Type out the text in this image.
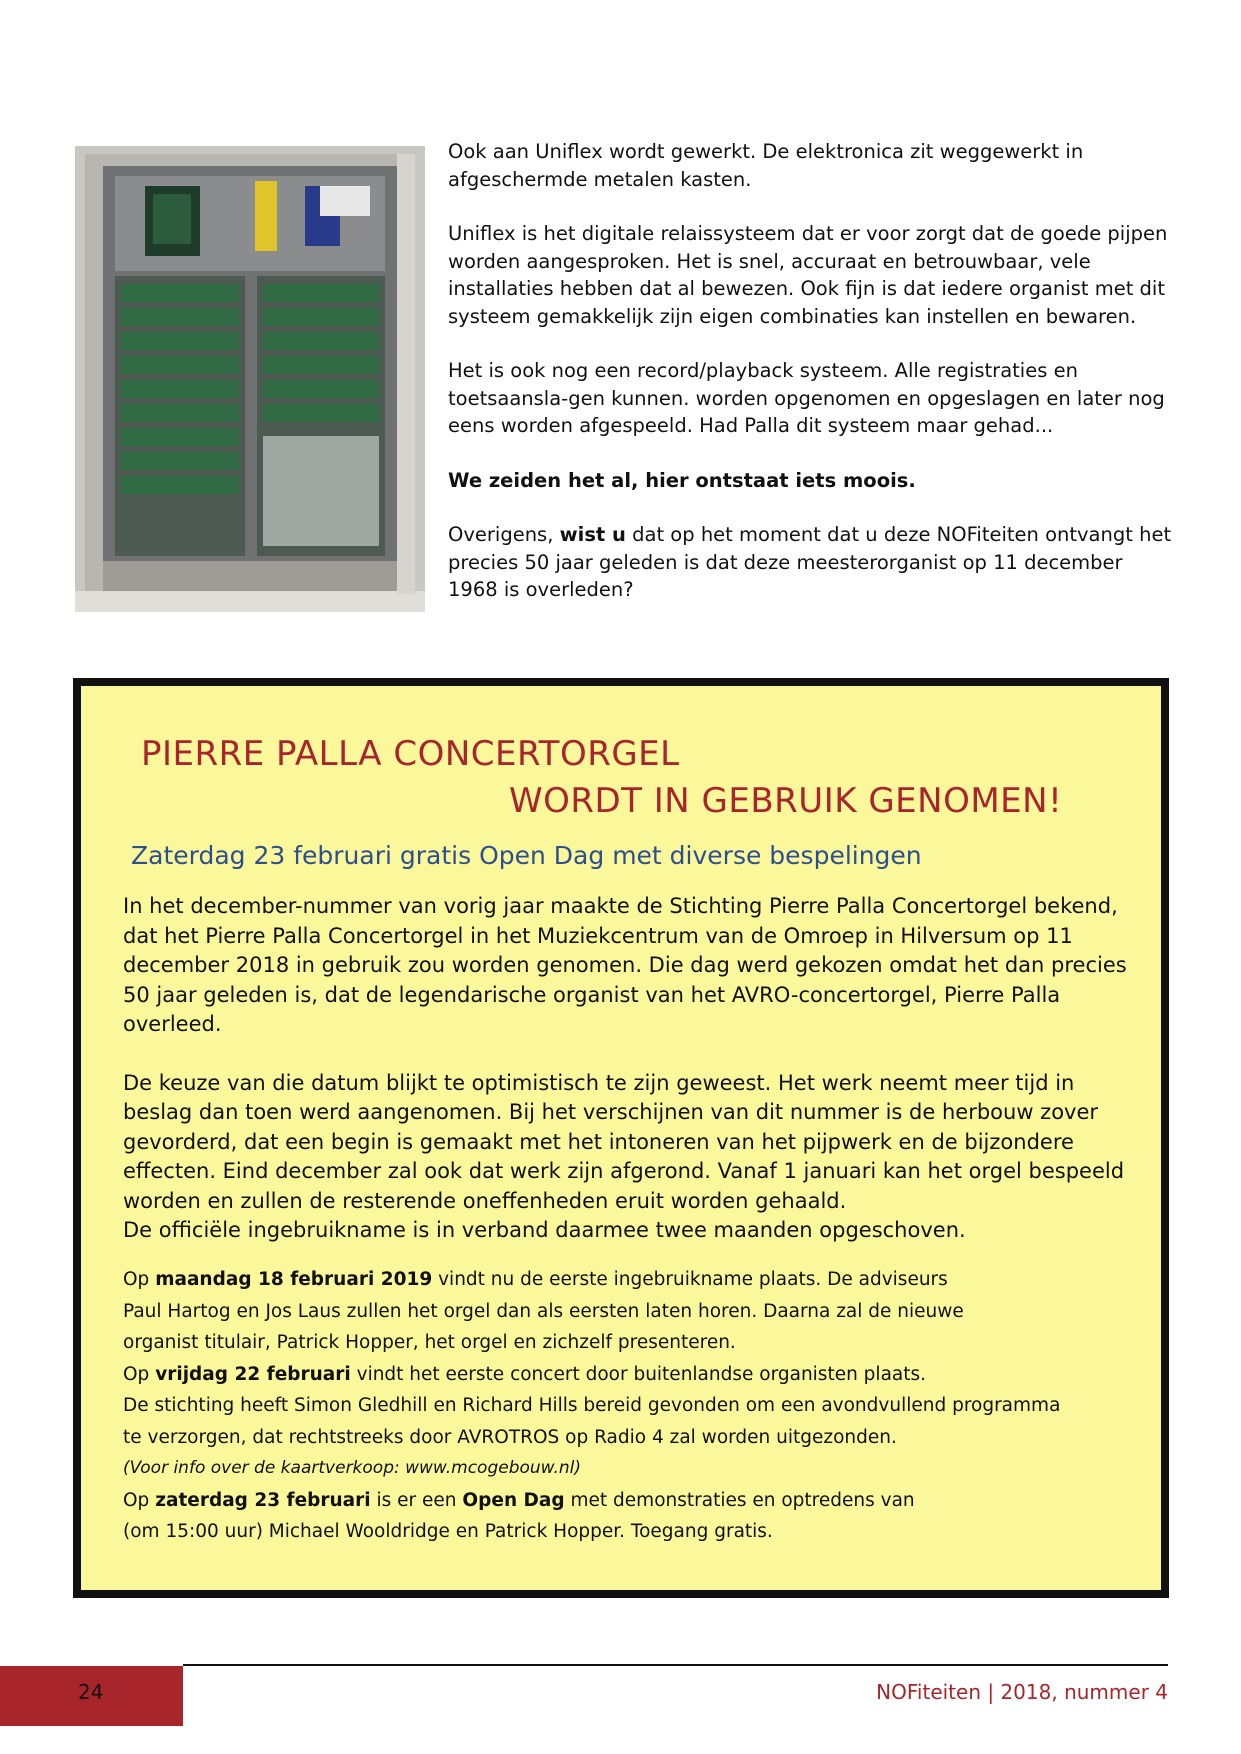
Ook aan Uniflex wordt gewerkt. De elektronica zit weggewerkt in afgeschermde metalen kasten.

Uniflex is het digitale relaissysteem dat er voor zorgt dat de goede pijpen worden aangesproken. Het is snel, accuraat en betrouwbaar, vele installaties hebben dat al bewezen. Ook fijn is dat iedere organist met dit systeem gemakkelijk zijn eigen combinaties kan instellen en bewaren.

Het is ook nog een record/playback systeem. Alle registraties en toetsaansla-gen kunnen. worden opgenomen en opgeslagen en later nog eens worden afgespeeld. Had Palla dit systeem maar gehad...

We zeiden het al, hier ontstaat iets moois.

Overigens, wist u dat op het moment dat u deze NOFiteiten ontvangt het precies 50 jaar geleden is dat deze meesterorganist op 11 december 1968 is overleden?

PIERRE PALLA CONCERTORGEL
WORDT IN GEBRUIK GENOMEN!
Zaterdag 23 februari gratis Open Dag met diverse bespelingen

In het december-nummer van vorig jaar maakte de Stichting Pierre Palla Concertorgel bekend, dat het Pierre Palla Concertorgel in het Muziekcentrum van de Omroep in Hilversum op 11 december 2018 in gebruik zou worden genomen. Die dag werd gekozen omdat het dan precies 50 jaar geleden is, dat de legendarische organist van het AVRO-concertorgel, Pierre Palla overleed.

De keuze van die datum blijkt te optimistisch te zijn geweest. Het werk neemt meer tijd in beslag dan toen werd aangenomen. Bij het verschijnen van dit nummer is de herbouw zover gevorderd, dat een begin is gemaakt met het intoneren van het pijpwerk en de bijzondere effecten. Eind december zal ook dat werk zijn afgerond. Vanaf 1 januari kan het orgel bespeeld worden en zullen de resterende oneffenheden eruit worden gehaald.

De officiële ingebruikname is in verband daarmee twee maanden opgeschoven.

Op maandag 18 februari 2019 vindt nu de eerste ingebruikname plaats. De adviseurs
Paul Hartog en Jos Laus zullen het orgel dan als eersten laten horen. Daarna zal de nieuwe
organist titulair, Patrick Hopper, het orgel en zichzelf presenteren.
Op vrijdag 22 februari vindt het eerste concert door buitenlandse organisten plaats.
De stichting heeft Simon Gledhill en Richard Hills bereid gevonden om een avondvullend programma
te verzorgen, dat rechtstreeks door AVROTROS op Radio 4 zal worden uitgezonden.
(Voor info over de kaartverkoop: www.mcogebouw.nl)
Op zaterdag 23 februari is er een Open Dag met demonstraties en optredens van
(om 15:00 uur) Michael Wooldridge en Patrick Hopper. Toegang gratis.
24	NOFiteiten | 2018, nummer 4
